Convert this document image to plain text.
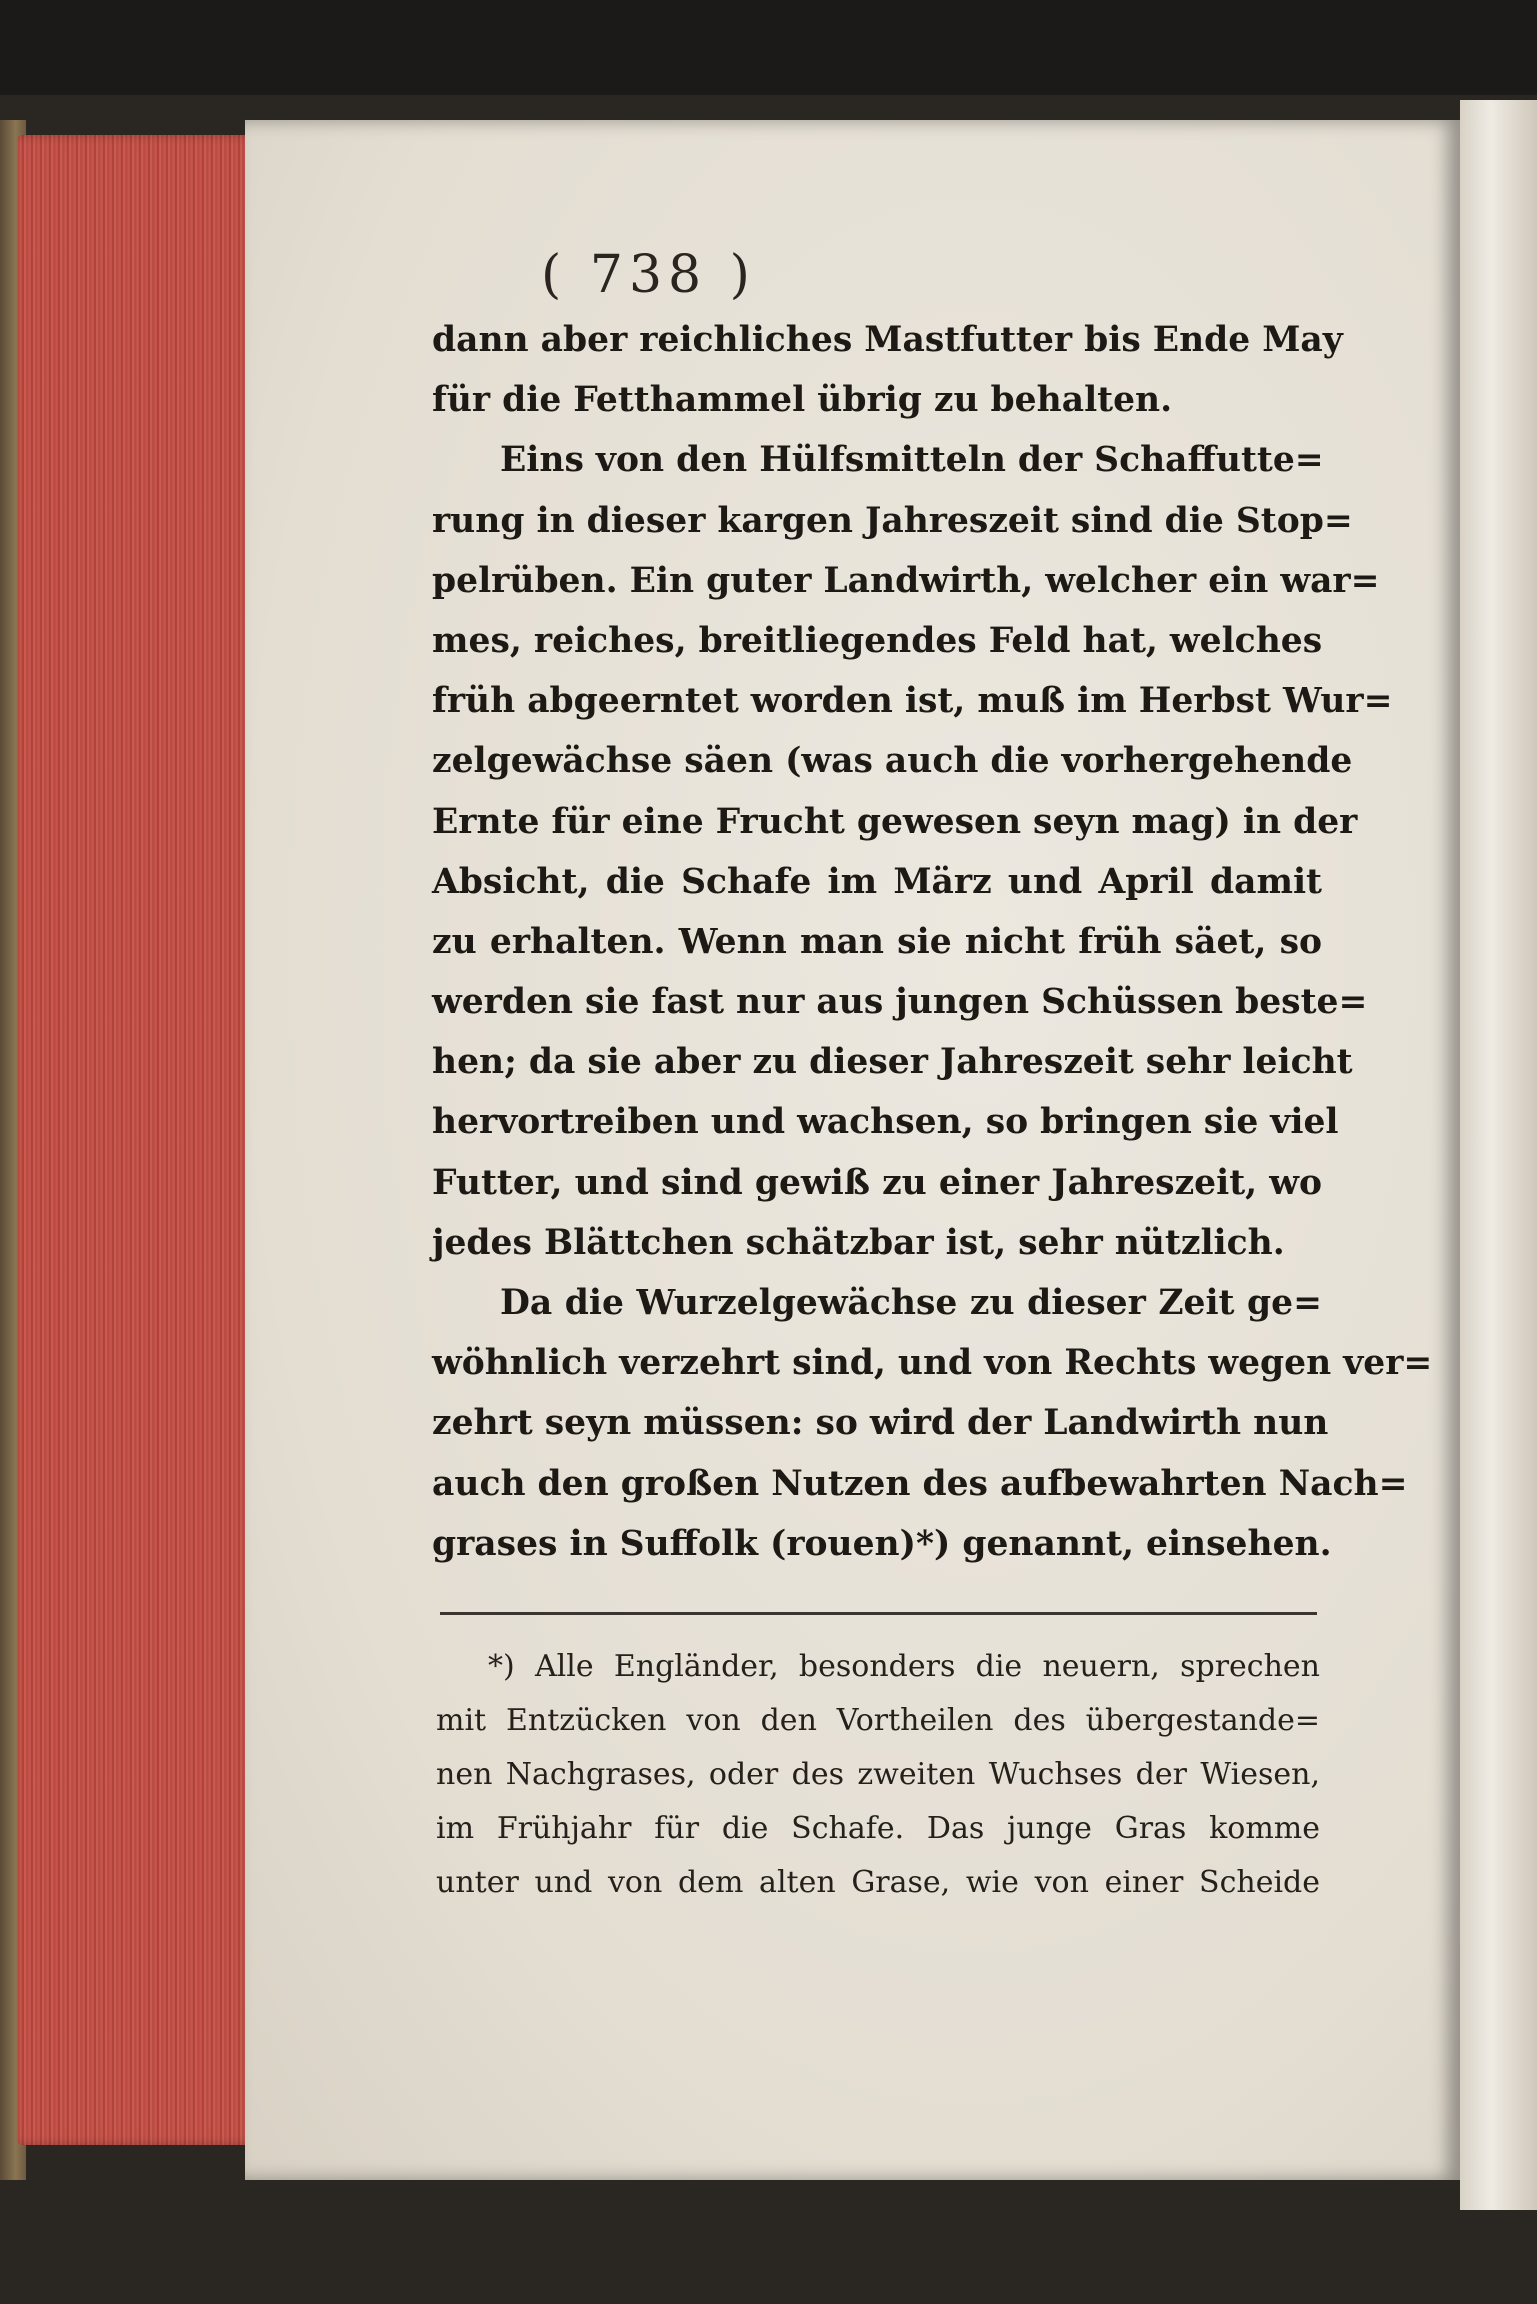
( 738 )
dann aber reichliches Mastfutter bis Ende May
für die Fetthammel übrig zu behalten.
Eins von den Hülfsmitteln der Schaffutte=
rung in dieser kargen Jahreszeit sind die Stop=
pelrüben. Ein guter Landwirth, welcher ein war=
mes, reiches, breitliegendes Feld hat, welches
früh abgeerntet worden ist, muß im Herbst Wur=
zelgewächse säen (was auch die vorhergehende
Ernte für eine Frucht gewesen seyn mag) in der
Absicht, die Schafe im März und April damit
zu erhalten. Wenn man sie nicht früh säet, so
werden sie fast nur aus jungen Schüssen beste=
hen; da sie aber zu dieser Jahreszeit sehr leicht
hervortreiben und wachsen, so bringen sie viel
Futter, und sind gewiß zu einer Jahreszeit, wo
jedes Blättchen schätzbar ist, sehr nützlich.
Da die Wurzelgewächse zu dieser Zeit ge=
wöhnlich verzehrt sind, und von Rechts wegen ver=
zehrt seyn müssen: so wird der Landwirth nun
auch den großen Nutzen des aufbewahrten Nach=
grases in Suffolk (rouen)*) genannt, einsehen.
*) Alle Engländer, besonders die neuern, sprechen
mit Entzücken von den Vortheilen des übergestande=
nen Nachgrases, oder des zweiten Wuchses der Wiesen,
im Frühjahr für die Schafe. Das junge Gras komme
unter und von dem alten Grase, wie von einer Scheide
